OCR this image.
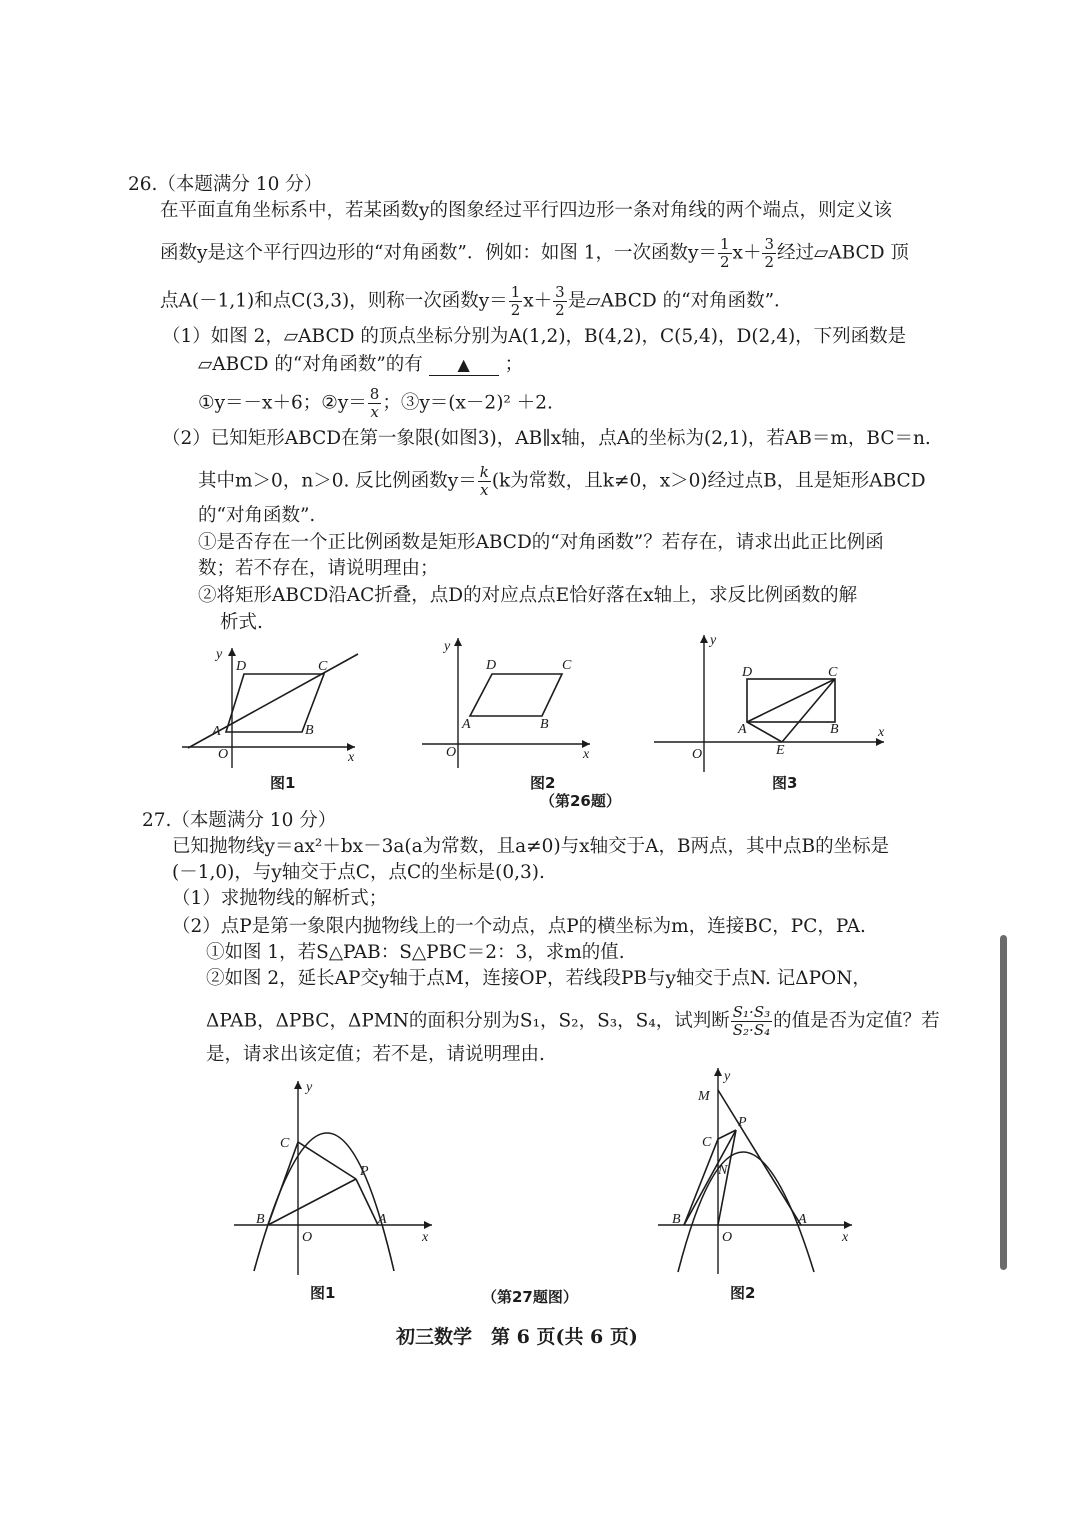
26.（本题满分 10 分）
在平面直角坐标系中，若某函数y的图象经过平行四边形一条对角线的两个端点，则定义该
函数y是这个平行四边形的“对角函数”．例如：如图 1，一次函数$y= \frac{1}{2} x+ \frac{3}{2}$ 经过▱ABCD 顶
点A(－1,1)和点C(3,3)，则称一次函数$y= \frac{1}{2} x+ \frac{3}{2}$ 是▱ABCD 的“对角函数”．
（1）如图 2，▱ABCD 的顶点坐标分别为A(1,2)，B(4,2)，C(5,4)，D(2,4)，下列函数是
▱ABCD 的“对角函数”的有 ▲ ；
①y＝－x＋6；②y＝ $\frac{8}{x}$ ；③y＝(x－2)² ＋2.
（2）已知矩形ABCD在第一象限(如图3)，AB∥x轴，点A的坐标为(2,1)，若AB＝m，BC＝n.
其中m＞0，n＞0. 反比例函数$y= \frac{k}{x} (k$为常数，且k≠0，x＞0)经过点B，且是矩形ABCD
的“对角函数”.
①是否存在一个正比例函数是矩形ABCD的“对角函数”？若存在，请求出此正比例函
数；若不存在，请说明理由；
②将矩形ABCD沿AC折叠，点D的对应点点E恰好落在x轴上，求反比例函数的解
析式.
D	C
A	B
O	x
y
图1
D	C
A	B
O	x
y
图2
（第26题）
D	C
A	B
E
O
x
y
图3
27.（本题满分 10 分）
已知抛物线y＝ax²＋bx－3a(a为常数，且a≠0)与x轴交于A，B两点，其中点B的坐标是
(－1,0)，与y轴交于点C，点C的坐标是(0,3).
（1）求抛物线的解析式；
（2）点P是第一象限内抛物线上的一个动点，点P的横坐标为m，连接BC，PC，PA.
①如图 1，若S△PAB：S△PBC＝2：3，求m的值.
②如图 2，延长AP交y轴于点M，连接OP，若线段PB与y轴交于点N. 记ΔPON，
ΔPAB，ΔPBC，ΔPMN的面积分别为S₁，S₂，S₃，S₄，试判断 $\frac{\text{S₁·S₃}}{\text{S₂·S₄}}$ 的值是否为定值？若
是，请求出该定值；若不是，请说明理由.
C
P
B	A
O	x
y
图1	（第27题图）
M
P
C
N
B	A
O	x
y
图2
初三数学　第 6 页(共 6 页)
